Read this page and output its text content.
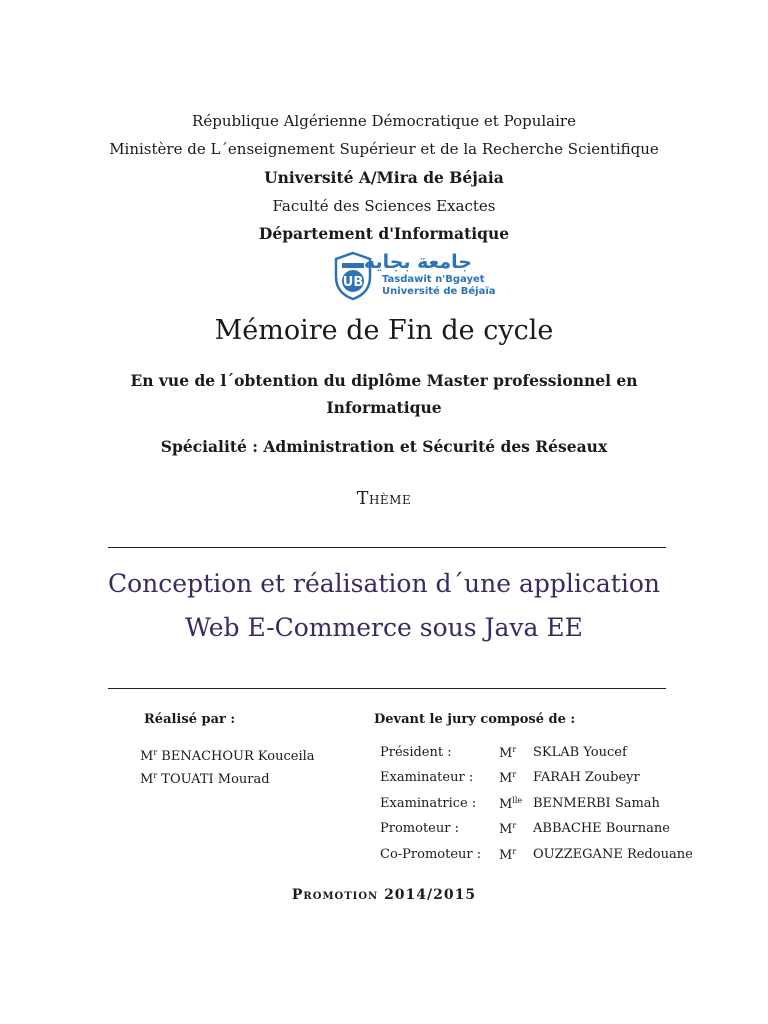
République Algérienne Démocratique et Populaire
Ministère de L´enseignement Supérieur et de la Recherche Scientifique
Université A/Mira de Béjaia
Faculté des Sciences Exactes
Département d'Informatique
UB
جامعة بجاية
Tasdawit n'Bgayet
Université de Béjaïa
Mémoire de Fin de cycle
En vue de l´obtention du diplôme Master professionnel en Informatique
Spécialité : Administration et Sécurité des Réseaux
Thème
Conception et réalisation d´une application
Web E-Commerce sous Java EE
Réalisé par :	Devant le jury composé de :
$M^r$ BENACHOUR Kouceila
$M^r$ TOUATI Mourad
Président :	$M^r$ SKLAB Youcef
Examinateur : $M^r$ FARAH Zoubeyr
Examinatrice : $M^{lle}$ BENMERBI Samah
Promoteur :	$M^r$ ABBACHE Bournane
Co-Promoteur : $M^r$ OUZZEGANE Redouane
Promotion 2014/2015
